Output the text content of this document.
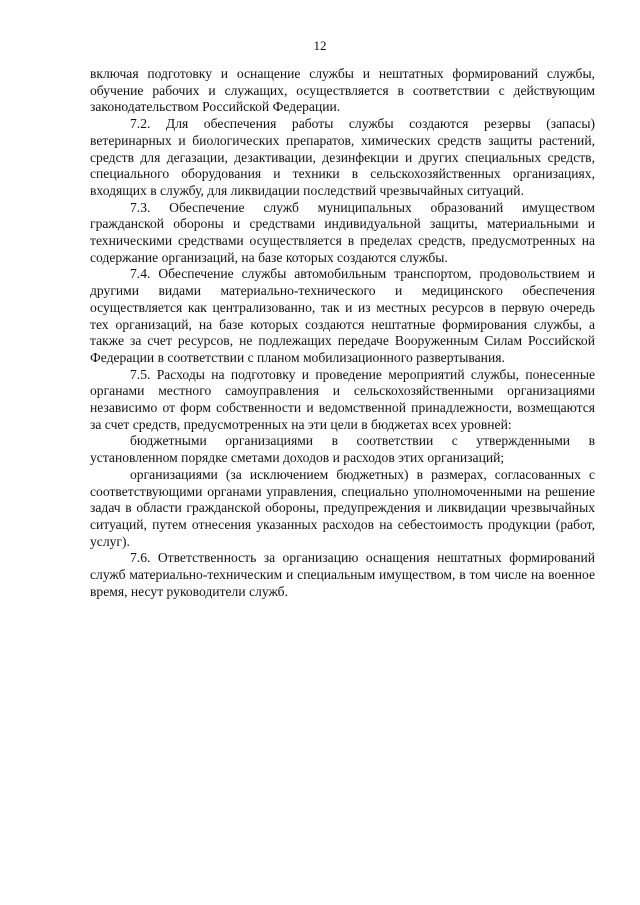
12

включая подготовку и оснащение службы и нештатных формирований службы, обучение рабочих и служащих, осуществляется в соответствии с действующим законодательством Российской Федерации.

7.2. Для обеспечения работы службы создаются резервы (запасы) ветеринарных и биологических препаратов, химических средств защиты растений, средств для дегазации, дезактивации, дезинфекции и других специальных средств, специального оборудования и техники в сельскохозяйственных организациях, входящих в службу, для ликвидации последствий чрезвычайных ситуаций.

7.3. Обеспечение служб муниципальных образований имуществом гражданской обороны и средствами индивидуальной защиты, материальными и техническими средствами осуществляется в пределах средств, предусмотренных на содержание организаций, на базе которых создаются службы.

7.4. Обеспечение службы автомобильным транспортом, продовольствием и другими видами материально-технического и медицинского обеспечения осуществляется как централизованно, так и из местных ресурсов в первую очередь тех организаций, на базе которых создаются нештатные формирования службы, а также за счет ресурсов, не подлежащих передаче Вооруженным Силам Российской Федерации в соответствии с планом мобилизационного развертывания.

7.5. Расходы на подготовку и проведение мероприятий службы, понесенные органами местного самоуправления и сельскохозяйственными организациями независимо от форм собственности и ведомственной принадлежности, возмещаются за счет средств, предусмотренных на эти цели в бюджетах всех уровней:

бюджетными организациями в соответствии с утвержденными в установленном порядке сметами доходов и расходов этих организаций;

организациями (за исключением бюджетных) в размерах, согласованных с соответствующими органами управления, специально уполномоченными на решение задач в области гражданской обороны, предупреждения и ликвидации чрезвычайных ситуаций, путем отнесения указанных расходов на себестоимость продукции (работ, услуг).

7.6. Ответственность за организацию оснащения нештатных формирований служб материально-техническим и специальным имуществом, в том числе на военное время, несут руководители служб.
